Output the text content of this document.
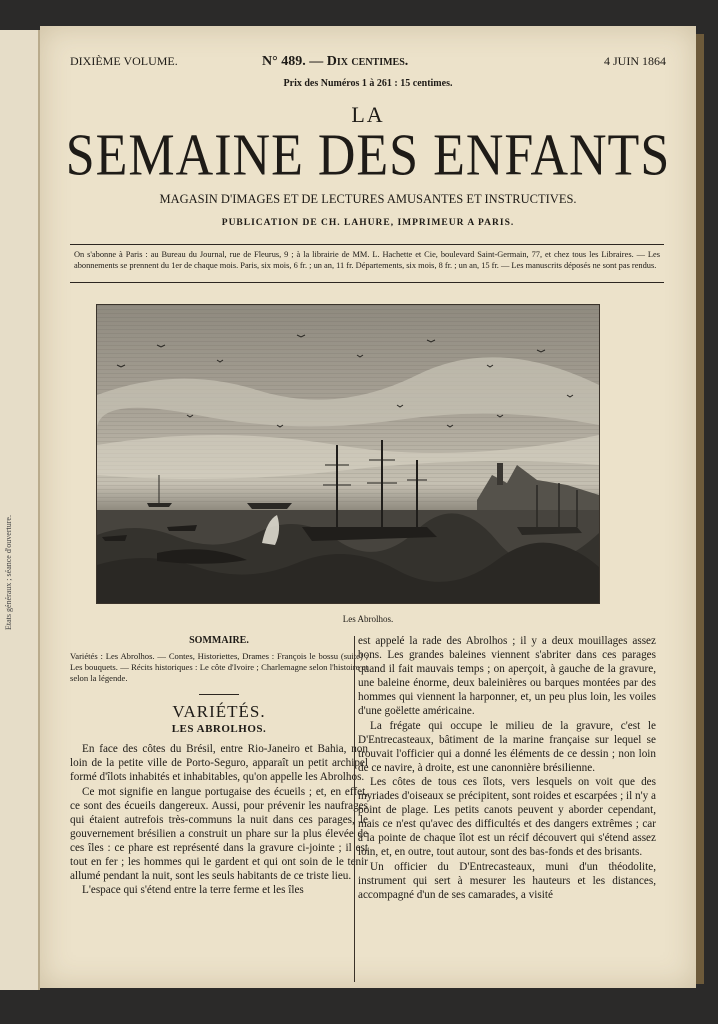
Etats généraux ; séance d'ouverture.
DIXIÈME VOLUME.	N° 489. — Dix centimes.	4 JUIN 1864
Prix des Numéros 1 à 261 : 15 centimes.
LA
SEMAINE DES ENFANTS
MAGASIN D'IMAGES ET DE LECTURES AMUSANTES ET INSTRUCTIVES.
PUBLICATION DE CH. LAHURE, IMPRIMEUR A PARIS.
On s'abonne à Paris : au Bureau du Journal, rue de Fleurus, 9 ; à la librairie de MM. L. Hachette et Cie, boulevard Saint-Germain, 77, et chez tous les Libraires. — Les abonnements se prennent du 1er de chaque mois. Paris, six mois, 6 fr. ; un an, 11 fr. Départements, six mois, 8 fr. ; un an, 15 fr. — Les manuscrits déposés ne sont pas rendus.
Les Abrolhos.
SOMMAIRE.
Variétés : Les Abrolhos. — Contes, Historiettes, Drames : François le bossu (suite) ; Les bouquets. — Récits historiques : Le côte d'Ivoire ; Charlemagne selon l'histoire et selon la légende.
VARIÉTÉS.
LES ABROLHOS.

En face des côtes du Brésil, entre Rio-Janeiro et Bahia, non loin de la petite ville de Porto-Seguro, apparaît un petit archipel formé d'îlots inhabités et inhabitables, qu'on appelle les Abrolhos.

Ce mot signifie en langue portugaise des écueils ; et, en effet, ce sont des écueils dangereux. Aussi, pour prévenir les naufrages qui étaient autrefois très-communs la nuit dans ces parages, le gouvernement brésilien a construit un phare sur la plus élevée de ces îles : ce phare est représenté dans la gravure ci-jointe ; il est tout en fer ; les hommes qui le gardent et qui ont soin de le tenir allumé pendant la nuit, sont les seuls habitants de ce triste lieu.

L'espace qui s'étend entre la terre ferme et les îles

est appelé la rade des Abrolhos ; il y a deux mouillages assez bons. Les grandes baleines viennent s'abriter dans ces parages quand il fait mauvais temps ; on aperçoit, à gauche de la gravure, une baleine énorme, deux baleinières ou barques montées par des hommes qui viennent la harponner, et, un peu plus loin, les voiles d'une goëlette américaine.

La frégate qui occupe le milieu de la gravure, c'est le D'Entrecasteaux, bâtiment de la marine française sur lequel se trouvait l'officier qui a donné les éléments de ce dessin ; non loin de ce navire, à droite, est une canonnière brésilienne.

Les côtes de tous ces îlots, vers lesquels on voit que des myriades d'oiseaux se précipitent, sont roides et escarpées ; il n'y a point de plage. Les petits canots peuvent y aborder cependant, mais ce n'est qu'avec des difficultés et des dangers extrêmes ; car à la pointe de chaque îlot est un récif découvert qui s'étend assez loin, et, en outre, tout autour, sont des bas-fonds et des brisants.

Un officier du D'Entrecasteaux, muni d'un théodolite, instrument qui sert à mesurer les hauteurs et les distances, accompagné d'un de ses camarades, a visité
